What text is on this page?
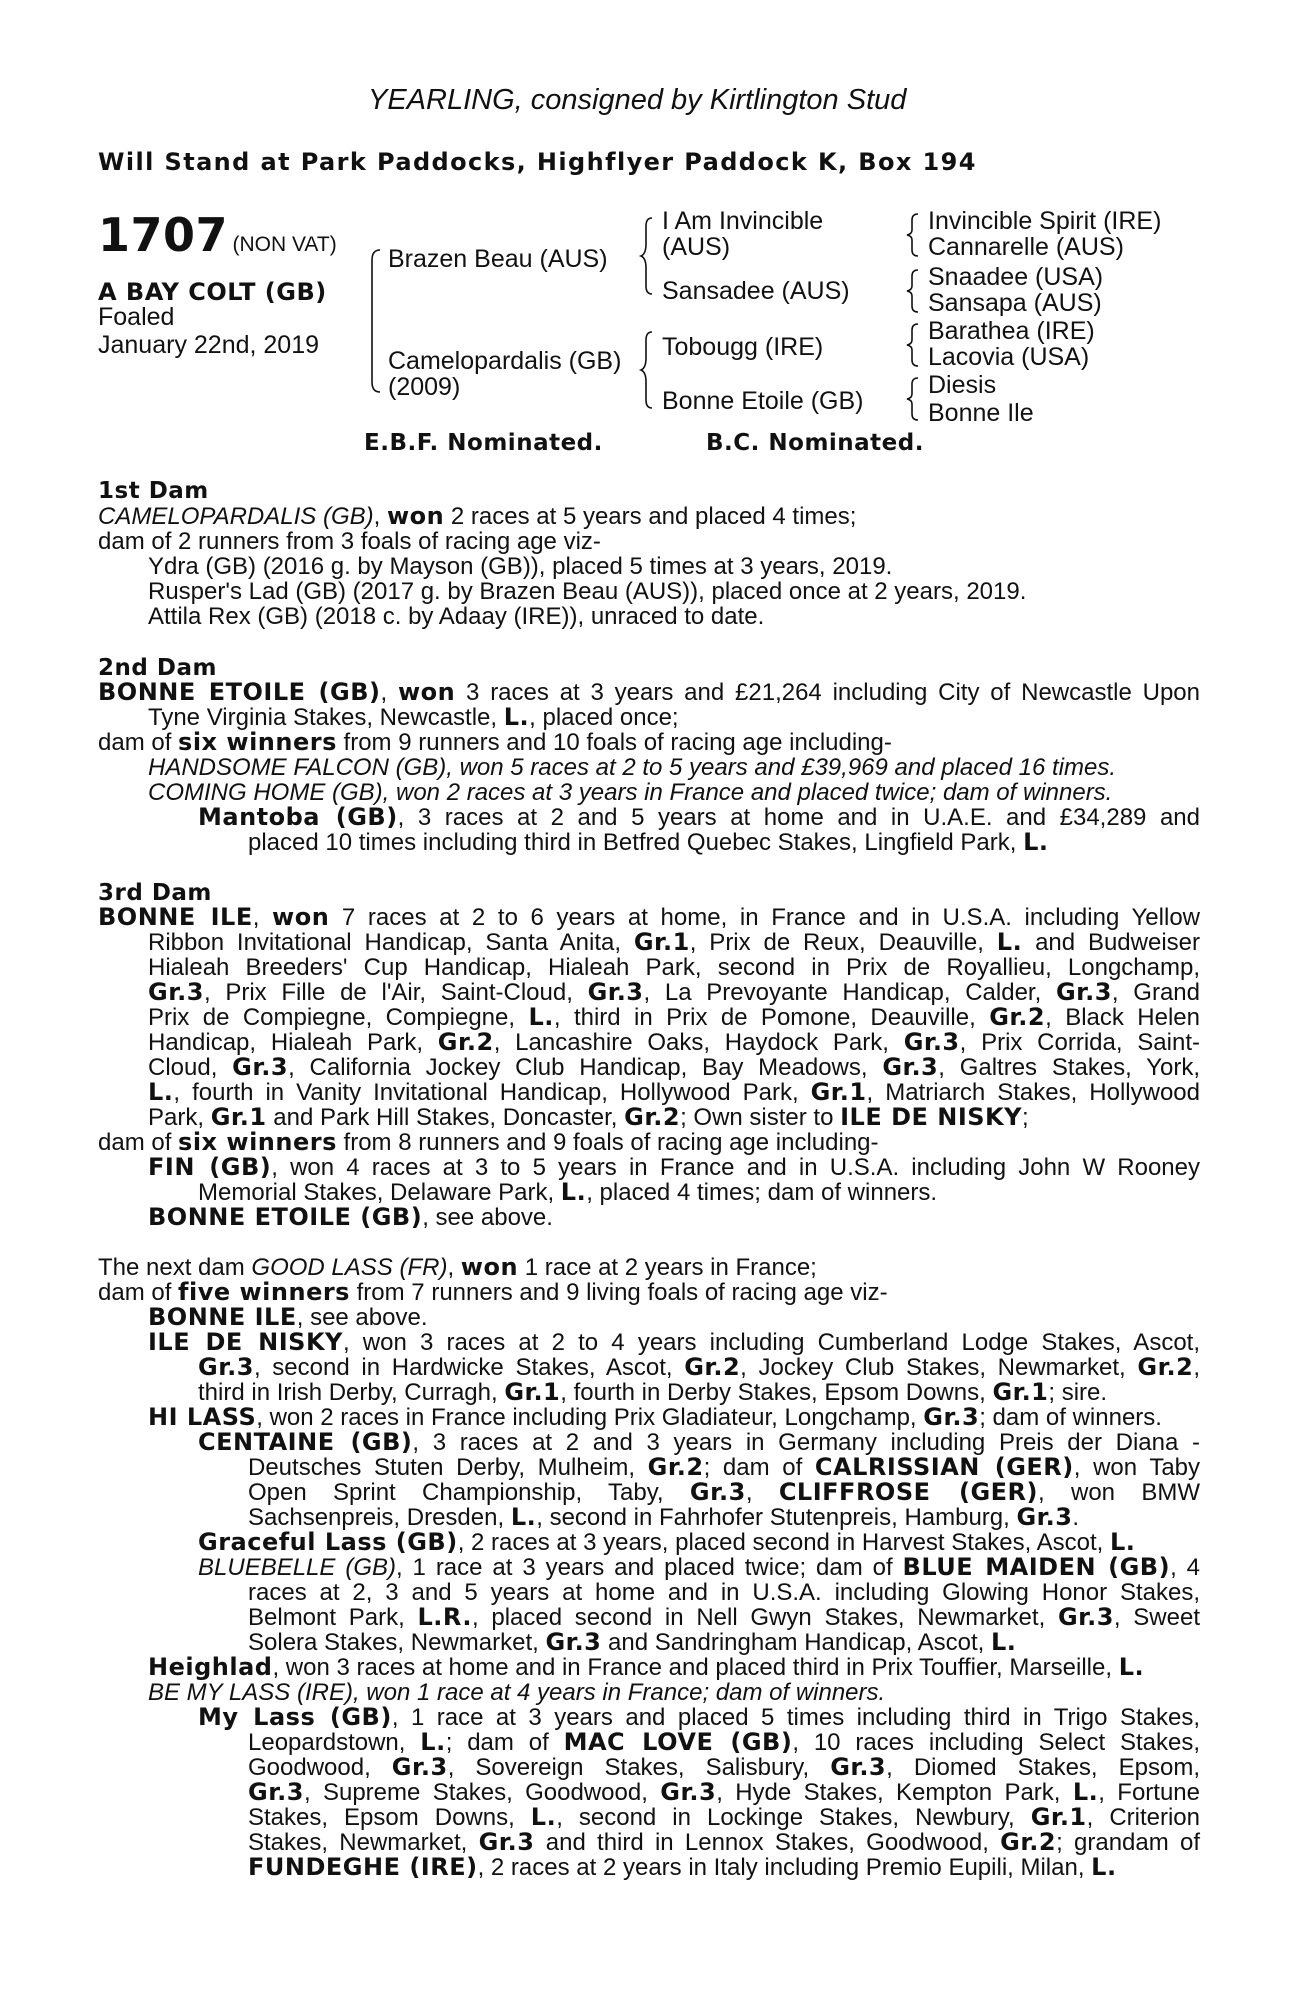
YEARLING, consigned by Kirtlington Stud
Will Stand at Park Paddocks, Highflyer Paddock K, Box 194
1707 (NON VAT)
A BAY COLT (GB)
Foaled
January 22nd, 2019
Brazen Beau (AUS)
Camelopardalis (GB)
(2009)
I Am Invincible
(AUS)
Sansadee (AUS)
Tobougg (IRE)
Bonne Etoile (GB)
Invincible Spirit (IRE)
Cannarelle (AUS)
Snaadee (USA)
Sansapa (AUS)
Barathea (IRE)
Lacovia (USA)
Diesis
Bonne Ile
E.B.F. Nominated.	B.C. Nominated.
1st Dam
CAMELOPARDALIS (GB), won 2 races at 5 years and placed 4 times;
dam of 2 runners from 3 foals of racing age viz-
Ydra (GB) (2016 g. by Mayson (GB)), placed 5 times at 3 years, 2019.
Rusper's Lad (GB) (2017 g. by Brazen Beau (AUS)), placed once at 2 years, 2019.
Attila Rex (GB) (2018 c. by Adaay (IRE)), unraced to date.
2nd Dam
BONNE ETOILE (GB), won 3 races at 3 years and £21,264 including City of Newcastle Upon
Tyne Virginia Stakes, Newcastle, L., placed once;
dam of six winners from 9 runners and 10 foals of racing age including-
HANDSOME FALCON (GB), won 5 races at 2 to 5 years and £39,969 and placed 16 times.
COMING HOME (GB), won 2 races at 3 years in France and placed twice; dam of winners.
Mantoba (GB), 3 races at 2 and 5 years at home and in U.A.E. and £34,289 and
placed 10 times including third in Betfred Quebec Stakes, Lingfield Park, L.
3rd Dam
BONNE ILE, won 7 races at 2 to 6 years at home, in France and in U.S.A. including Yellow
Ribbon Invitational Handicap, Santa Anita, Gr.1, Prix de Reux, Deauville, L. and Budweiser
Hialeah Breeders' Cup Handicap, Hialeah Park, second in Prix de Royallieu, Longchamp,
Gr.3, Prix Fille de l'Air, Saint-Cloud, Gr.3, La Prevoyante Handicap, Calder, Gr.3, Grand
Prix de Compiegne, Compiegne, L., third in Prix de Pomone, Deauville, Gr.2, Black Helen
Handicap, Hialeah Park, Gr.2, Lancashire Oaks, Haydock Park, Gr.3, Prix Corrida, Saint-
Cloud, Gr.3, California Jockey Club Handicap, Bay Meadows, Gr.3, Galtres Stakes, York,
L., fourth in Vanity Invitational Handicap, Hollywood Park, Gr.1, Matriarch Stakes, Hollywood
Park, Gr.1 and Park Hill Stakes, Doncaster, Gr.2; Own sister to ILE DE NISKY;
dam of six winners from 8 runners and 9 foals of racing age including-
FIN (GB), won 4 races at 3 to 5 years in France and in U.S.A. including John W Rooney
Memorial Stakes, Delaware Park, L., placed 4 times; dam of winners.
BONNE ETOILE (GB), see above.
The next dam GOOD LASS (FR), won 1 race at 2 years in France;
dam of five winners from 7 runners and 9 living foals of racing age viz-
BONNE ILE, see above.
ILE DE NISKY, won 3 races at 2 to 4 years including Cumberland Lodge Stakes, Ascot,
Gr.3, second in Hardwicke Stakes, Ascot, Gr.2, Jockey Club Stakes, Newmarket, Gr.2,
third in Irish Derby, Curragh, Gr.1, fourth in Derby Stakes, Epsom Downs, Gr.1; sire.
HI LASS, won 2 races in France including Prix Gladiateur, Longchamp, Gr.3; dam of winners.
CENTAINE (GB), 3 races at 2 and 3 years in Germany including Preis der Diana -
Deutsches Stuten Derby, Mulheim, Gr.2; dam of CALRISSIAN (GER), won Taby
Open Sprint Championship, Taby, Gr.3, CLIFFROSE (GER), won BMW
Sachsenpreis, Dresden, L., second in Fahrhofer Stutenpreis, Hamburg, Gr.3.
Graceful Lass (GB), 2 races at 3 years, placed second in Harvest Stakes, Ascot, L.
BLUEBELLE (GB), 1 race at 3 years and placed twice; dam of BLUE MAIDEN (GB), 4
races at 2, 3 and 5 years at home and in U.S.A. including Glowing Honor Stakes,
Belmont Park, L.R., placed second in Nell Gwyn Stakes, Newmarket, Gr.3, Sweet
Solera Stakes, Newmarket, Gr.3 and Sandringham Handicap, Ascot, L.
Heighlad, won 3 races at home and in France and placed third in Prix Touffier, Marseille, L.
BE MY LASS (IRE), won 1 race at 4 years in France; dam of winners.
My Lass (GB), 1 race at 3 years and placed 5 times including third in Trigo Stakes,
Leopardstown, L.; dam of MAC LOVE (GB), 10 races including Select Stakes,
Goodwood, Gr.3, Sovereign Stakes, Salisbury, Gr.3, Diomed Stakes, Epsom,
Gr.3, Supreme Stakes, Goodwood, Gr.3, Hyde Stakes, Kempton Park, L., Fortune
Stakes, Epsom Downs, L., second in Lockinge Stakes, Newbury, Gr.1, Criterion
Stakes, Newmarket, Gr.3 and third in Lennox Stakes, Goodwood, Gr.2; grandam of
FUNDEGHE (IRE), 2 races at 2 years in Italy including Premio Eupili, Milan, L.
